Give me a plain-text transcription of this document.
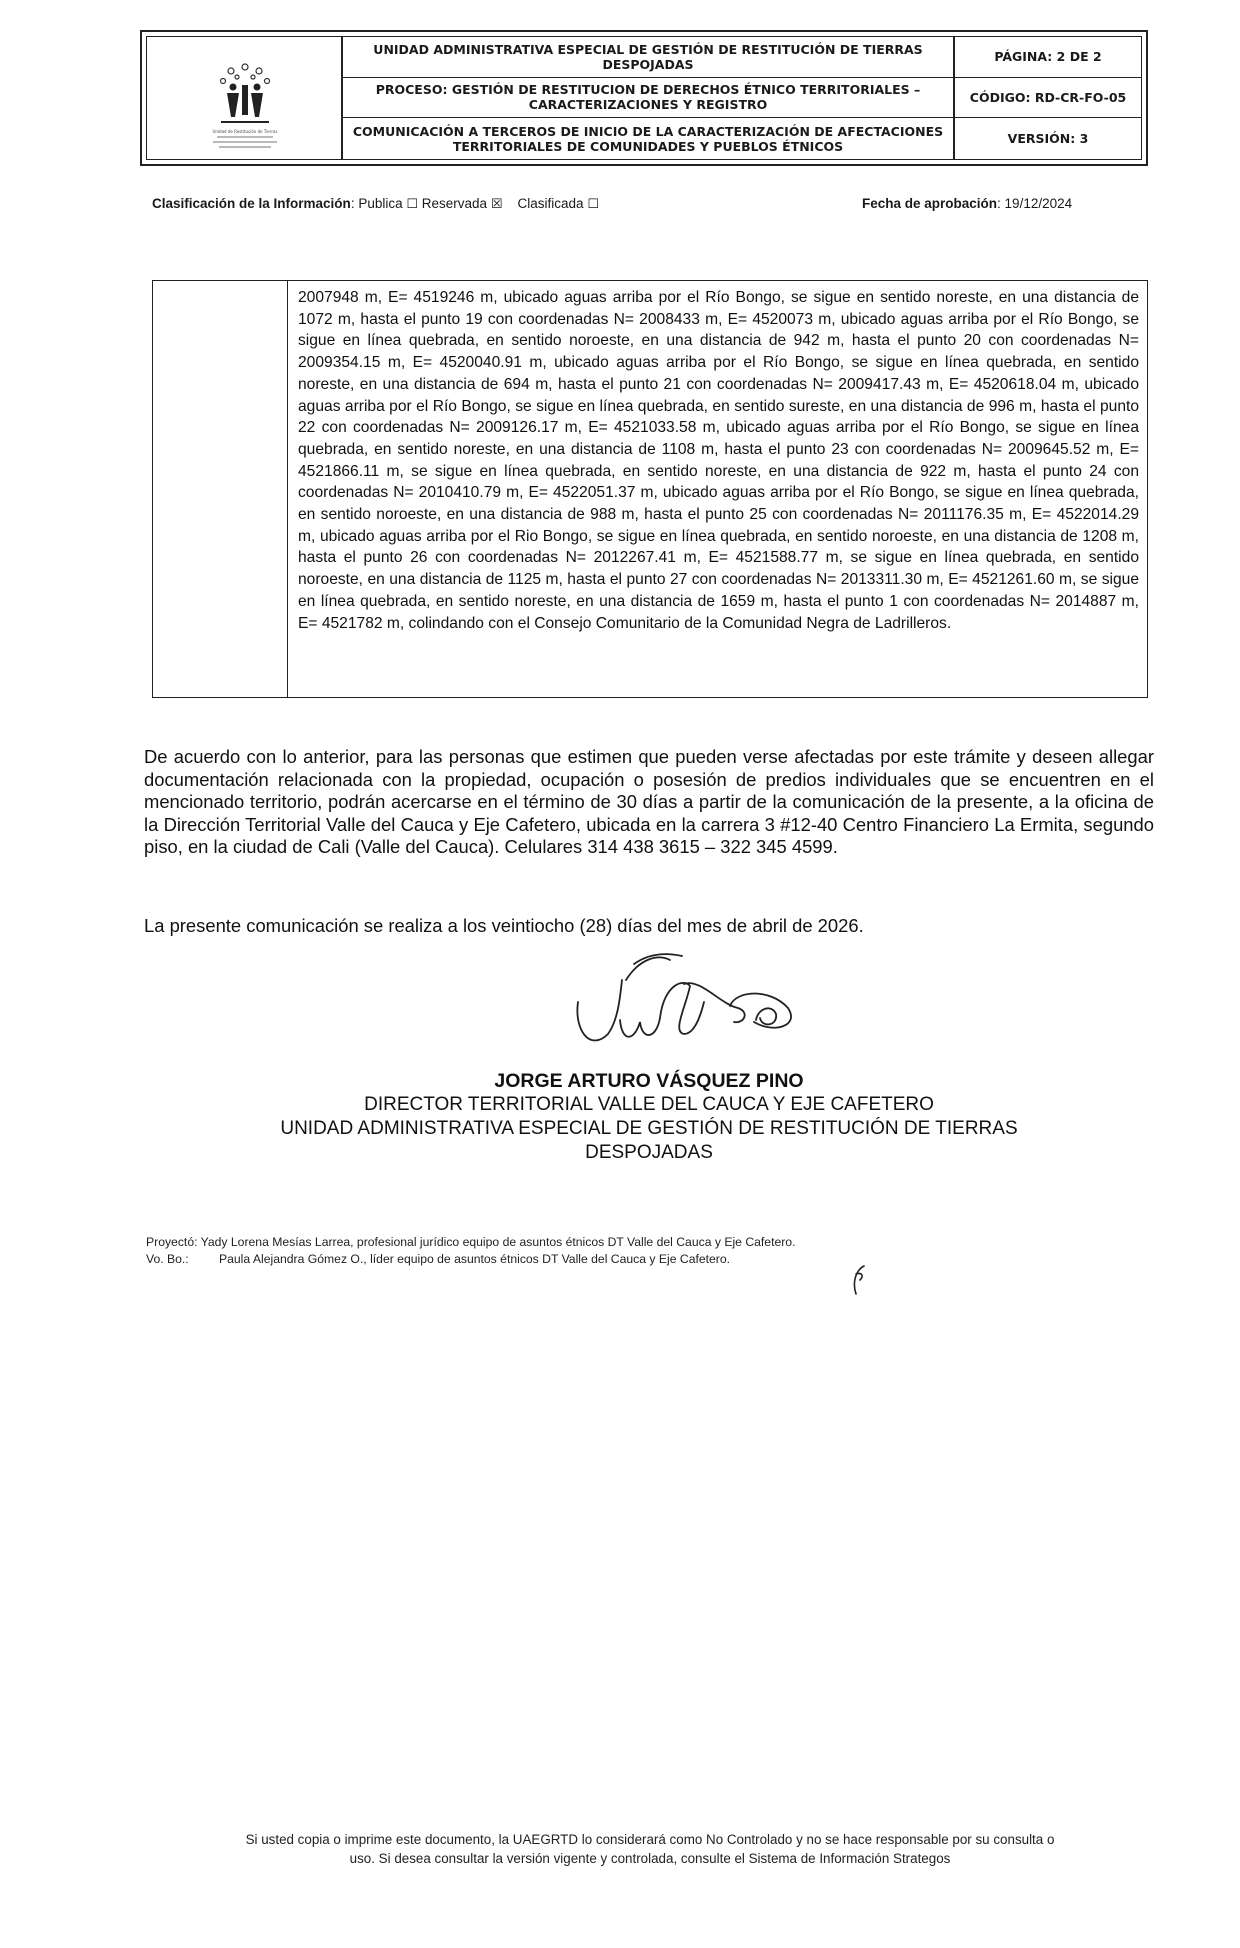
Unidad de Restitución de Tierras
UNIDAD ADMINISTRATIVA ESPECIAL DE GESTIÓN DE RESTITUCIÓN DE TIERRAS DESPOJADAS	PÁGINA: 2 DE 2
PROCESO: GESTIÓN DE RESTITUCION DE DERECHOS ÉTNICO TERRITORIALES – CARACTERIZACIONES Y REGISTRO	CÓDIGO: RD-CR-FO-05
COMUNICACIÓN A TERCEROS DE INICIO DE LA CARACTERIZACIÓN DE AFECTACIONES TERRITORIALES DE COMUNIDADES Y PUEBLOS ÉTNICOS	VERSIÓN: 3
Clasificación de la Información: Publica ☐ Reservada ☒ Clasificada ☐	Fecha de aprobación: 19/12/2024
2007948 m, E= 4519246 m, ubicado aguas arriba por el Río Bongo, se sigue en sentido noreste, en una distancia de 1072 m, hasta el punto 19 con coordenadas N= 2008433 m, E= 4520073 m, ubicado aguas arriba por el Río Bongo, se sigue en línea quebrada, en sentido noroeste, en una distancia de 942 m, hasta el punto 20 con coordenadas N= 2009354.15 m, E= 4520040.91 m, ubicado aguas arriba por el Río Bongo, se sigue en línea quebrada, en sentido noreste, en una distancia de 694 m, hasta el punto 21 con coordenadas N= 2009417.43 m, E= 4520618.04 m, ubicado aguas arriba por el Río Bongo, se sigue en línea quebrada, en sentido sureste, en una distancia de 996 m, hasta el punto 22 con coordenadas N= 2009126.17 m, E= 4521033.58 m, ubicado aguas arriba por el Río Bongo, se sigue en línea quebrada, en sentido noreste, en una distancia de 1108 m, hasta el punto 23 con coordenadas N= 2009645.52 m, E= 4521866.11 m, se sigue en línea quebrada, en sentido noreste, en una distancia de 922 m, hasta el punto 24 con coordenadas N= 2010410.79 m, E= 4522051.37 m, ubicado aguas arriba por el Río Bongo, se sigue en línea quebrada, en sentido noroeste, en una distancia de 988 m, hasta el punto 25 con coordenadas N= 2011176.35 m, E= 4522014.29 m, ubicado aguas arriba por el Rio Bongo, se sigue en línea quebrada, en sentido noroeste, en una distancia de 1208 m, hasta el punto 26 con coordenadas N= 2012267.41 m, E= 4521588.77 m, se sigue en línea quebrada, en sentido noroeste, en una distancia de 1125 m, hasta el punto 27 con coordenadas N= 2013311.30 m, E= 4521261.60 m, se sigue en línea quebrada, en sentido noreste, en una distancia de 1659 m, hasta el punto 1 con coordenadas N= 2014887 m, E= 4521782 m, colindando con el Consejo Comunitario de la Comunidad Negra de Ladrilleros.
De acuerdo con lo anterior, para las personas que estimen que pueden verse afectadas por este trámite y deseen allegar documentación relacionada con la propiedad, ocupación o posesión de predios individuales que se encuentren en el mencionado territorio, podrán acercarse en el término de 30 días a partir de la comunicación de la presente, a la oficina de la Dirección Territorial Valle del Cauca y Eje Cafetero, ubicada en la carrera 3 #12-40 Centro Financiero La Ermita, segundo piso, en la ciudad de Cali (Valle del Cauca). Celulares 314 438 3615 – 322 345 4599.
La presente comunicación se realiza a los veintiocho (28) días del mes de abril de 2026.
JORGE ARTURO VÁSQUEZ PINO
DIRECTOR TERRITORIAL VALLE DEL CAUCA Y EJE CAFETERO
UNIDAD ADMINISTRATIVA ESPECIAL DE GESTIÓN DE RESTITUCIÓN DE TIERRAS
DESPOJADAS
Proyectó: Yady Lorena Mesías Larrea, profesional jurídico equipo de asuntos étnicos DT Valle del Cauca y Eje Cafetero.
Vo. Bo.: Paula Alejandra Gómez O., líder equipo de asuntos étnicos DT Valle del Cauca y Eje Cafetero.
Si usted copia o imprime este documento, la UAEGRTD lo considerará como No Controlado y no se hace responsable por su consulta o
uso. Si desea consultar la versión vigente y controlada, consulte el Sistema de Información Strategos
